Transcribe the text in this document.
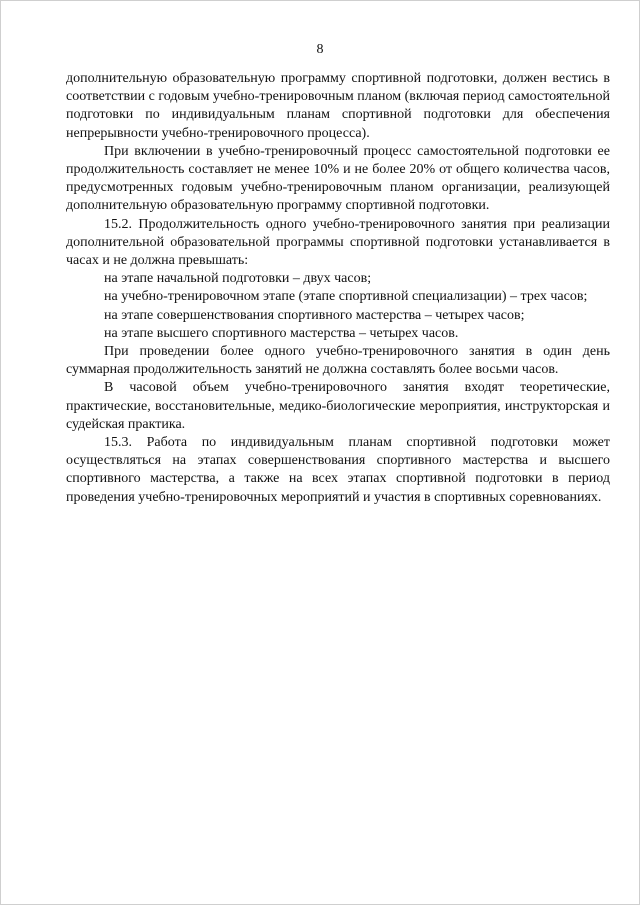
8

дополнительную образовательную программу спортивной подготовки, должен вестись в соответствии с годовым учебно-тренировочным планом (включая период самостоятельной подготовки по индивидуальным планам спортивной подготовки для обеспечения непрерывности учебно-тренировочного процесса).

При включении в учебно-тренировочный процесс самостоятельной подготовки ее продолжительность составляет не менее 10% и не более 20% от общего количества часов, предусмотренных годовым учебно-тренировочным планом организации, реализующей дополнительную образовательную программу спортивной подготовки.

15.2. Продолжительность одного учебно-тренировочного занятия при реализации дополнительной образовательной программы спортивной подготовки устанавливается в часах и не должна превышать:

на этапе начальной подготовки – двух часов;

на учебно-тренировочном этапе (этапе спортивной специализации) – трех часов;

на этапе совершенствования спортивного мастерства – четырех часов;

на этапе высшего спортивного мастерства – четырех часов.

При проведении более одного учебно-тренировочного занятия в один день суммарная продолжительность занятий не должна составлять более восьми часов.

В часовой объем учебно-тренировочного занятия входят теоретические, практические, восстановительные, медико-биологические мероприятия, инструкторская и судейская практика.

15.3. Работа по индивидуальным планам спортивной подготовки может осуществляться на этапах совершенствования спортивного мастерства и высшего спортивного мастерства, а также на всех этапах спортивной подготовки в период проведения учебно-тренировочных мероприятий и участия в спортивных соревнованиях.
